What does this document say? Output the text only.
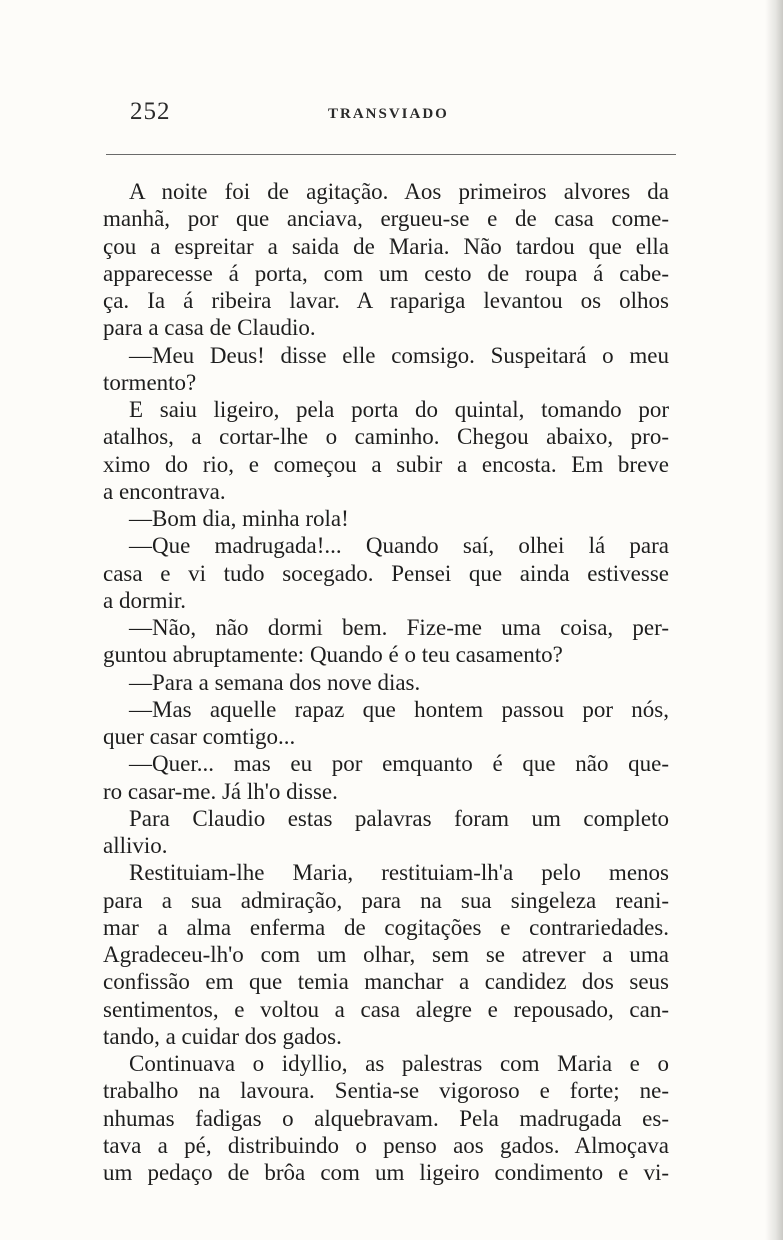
252	TRANSVIADO
A noite foi de agitação. Aos primeiros alvores da
manhã, por que anciava, ergueu-se e de casa come-
çou a espreitar a saida de Maria. Não tardou que ella
apparecesse á porta, com um cesto de roupa á cabe-
ça. Ia á ribeira lavar. A rapariga levantou os olhos
para a casa de Claudio.
—Meu Deus! disse elle comsigo. Suspeitará o meu
tormento?
E saiu ligeiro, pela porta do quintal, tomando por
atalhos, a cortar-lhe o caminho. Chegou abaixo, pro-
ximo do rio, e começou a subir a encosta. Em breve
a encontrava.
—Bom dia, minha rola!
—Que madrugada!... Quando saí, olhei lá para
casa e vi tudo socegado. Pensei que ainda estivesse
a dormir.
—Não, não dormi bem. Fize-me uma coisa, per-
guntou abruptamente: Quando é o teu casamento?
—Para a semana dos nove dias.
—Mas aquelle rapaz que hontem passou por nós,
quer casar comtigo...
—Quer... mas eu por emquanto é que não que-
ro casar-me. Já lh'o disse.
Para Claudio estas palavras foram um completo
allivio.
Restituiam-lhe Maria, restituiam-lh'a pelo menos
para a sua admiração, para na sua singeleza reani-
mar a alma enferma de cogitações e contrariedades.
Agradeceu-lh'o com um olhar, sem se atrever a uma
confissão em que temia manchar a candidez dos seus
sentimentos, e voltou a casa alegre e repousado, can-
tando, a cuidar dos gados.
Continuava o idyllio, as palestras com Maria e o
trabalho na lavoura. Sentia-se vigoroso e forte; ne-
nhumas fadigas o alquebravam. Pela madrugada es-
tava a pé, distribuindo o penso aos gados. Almoçava
um pedaço de brôa com um ligeiro condimento e vi-
